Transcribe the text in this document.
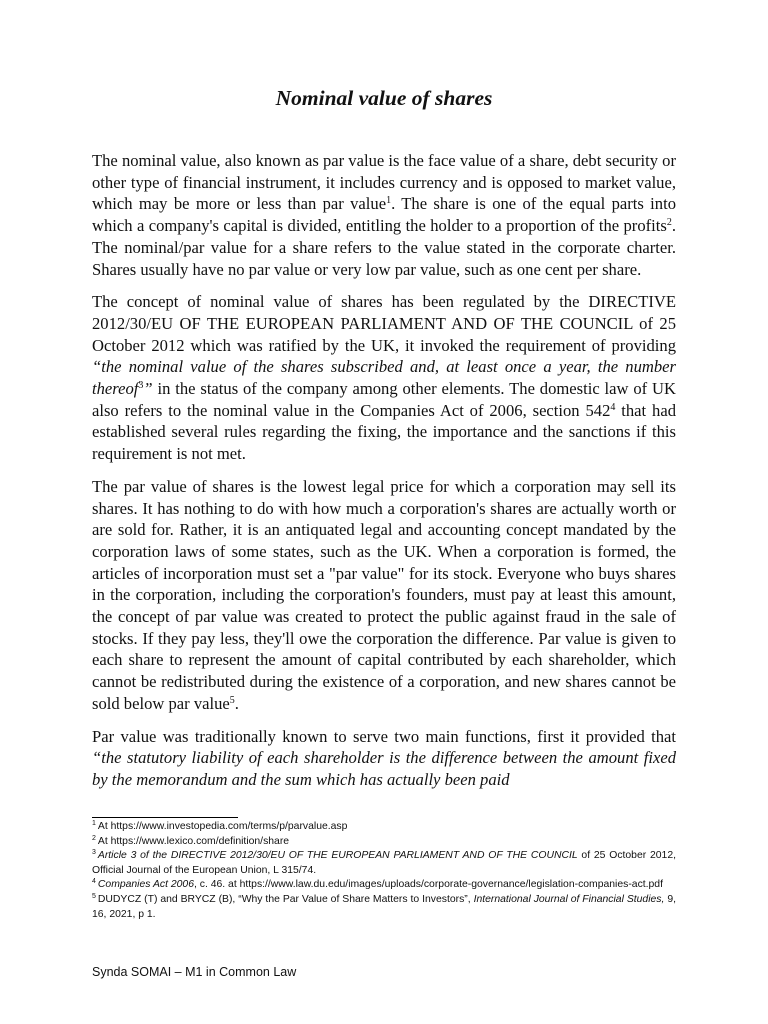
Nominal value of shares

The nominal value, also known as par value is the face value of a share, debt security or other type of financial instrument, it includes currency and is opposed to market value, which may be more or less than par value$^1$. The share is one of the equal parts into which a company's capital is divided, entitling the holder to a proportion of the profits$^2$. The nominal/par value for a share refers to the value stated in the corporate charter. Shares usually have no par value or very low par value, such as one cent per share.

The concept of nominal value of shares has been regulated by the DIRECTIVE 2012/30/EU OF THE EUROPEAN PARLIAMENT AND OF THE COUNCIL of 25 October 2012 which was ratified by the UK, it invoked the requirement of providing “the nominal value of the shares subscribed and, at least once a year, the number thereof$^3$” in the status of the company among other elements. The domestic law of UK also refers to the nominal value in the Companies Act of 2006, section $542^4$ that had established several rules regarding the fixing, the importance and the sanctions if this requirement is not met.

The par value of shares is the lowest legal price for which a corporation may sell its shares. It has nothing to do with how much a corporation's shares are actually worth or are sold for. Rather, it is an antiquated legal and accounting concept mandated by the corporation laws of some states, such as the UK. When a corporation is formed, the articles of incorporation must set a "par value" for its stock. Everyone who buys shares in the corporation, including the corporation's founders, must pay at least this amount, the concept of par value was created to protect the public against fraud in the sale of stocks. If they pay less, they'll owe the corporation the difference. Par value is given to each share to represent the amount of capital contributed by each shareholder, which cannot be redistributed during the existence of a corporation, and new shares cannot be sold below par value$^5$.

Par value was traditionally known to serve two main functions, first it provided that “the statutory liability of each shareholder is the difference between the amount fixed by the memorandum and the sum which has actually been paid

$^1$ At https://www.investopedia.com/terms/p/parvalue.asp

$^2$ At https://www.lexico.com/definition/share

$^3$ Article 3 of the DIRECTIVE 2012/30/EU OF THE EUROPEAN PARLIAMENT AND OF THE COUNCIL of 25 October 2012, Official Journal of the European Union, L 315/74.

$^4$ Companies Act 2006, c. 46. at https://www.law.du.edu/images/uploads/corporate-governance/legislation-companies-act.pdf

$^5$ DUDYCZ (T) and BRYCZ (B), “Why the Par Value of Share Matters to Investors”, International Journal of Financial Studies, 9, 16, 2021, p 1.

Synda SOMAI – M1 in Common Law
